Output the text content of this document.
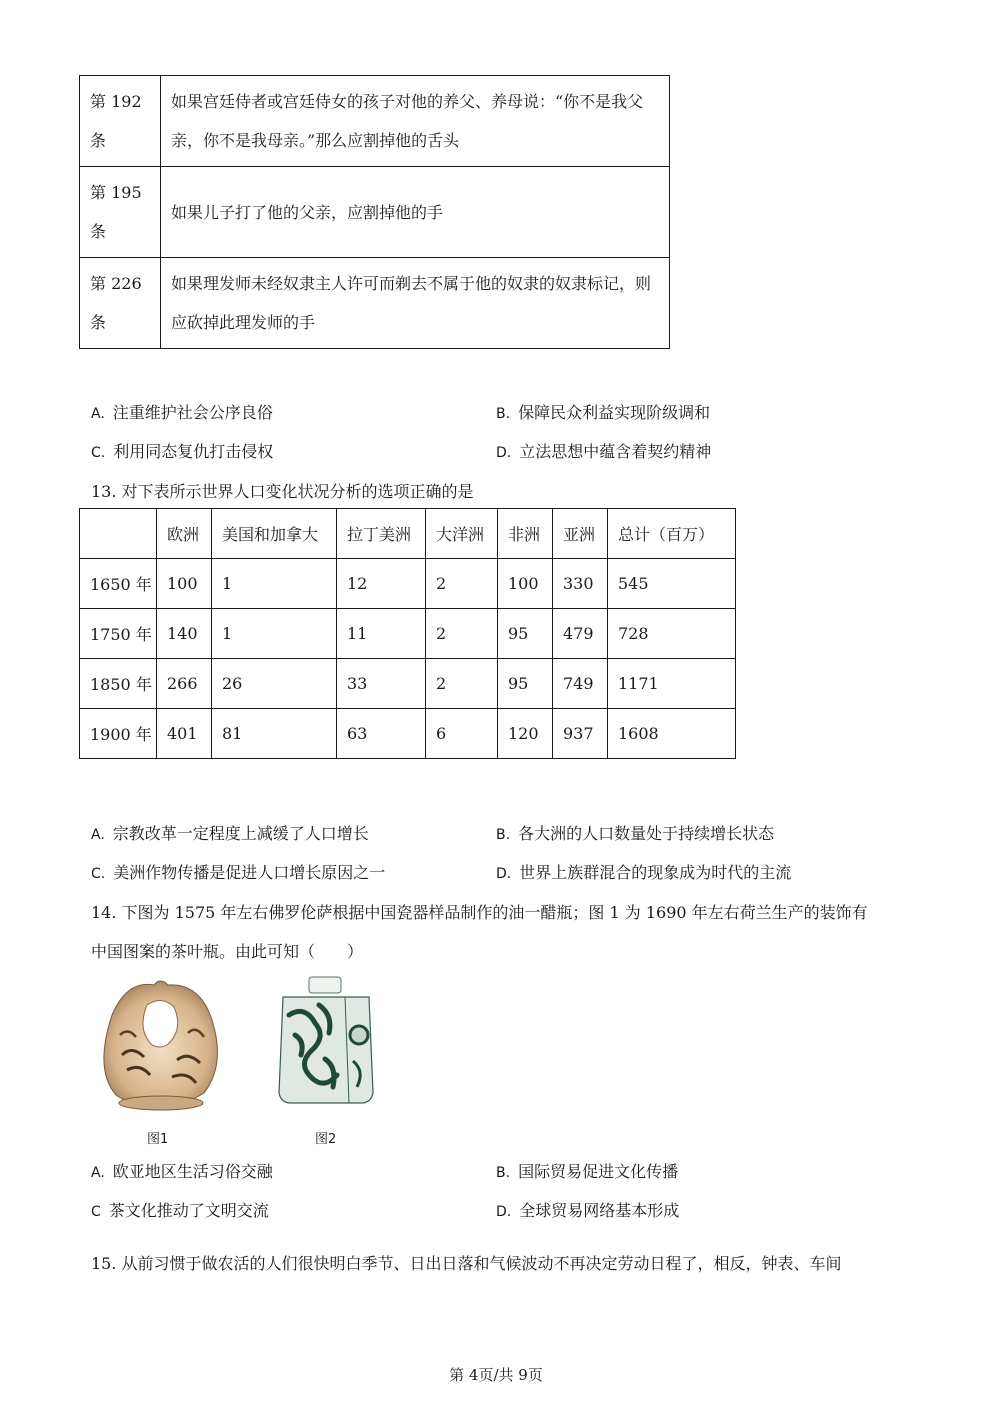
第 192 条	如果宫廷侍者或宫廷侍女的孩子对他的养父、养母说：“你不是我父亲，你不是我母亲。”那么应割掉他的舌头
第 195 条	如果儿子打了他的父亲，应割掉他的手
第 226 条	如果理发师未经奴隶主人许可而剃去不属于他的奴隶的奴隶标记，则应砍掉此理发师的手
A. 注重维护社会公序良俗	B. 保障民众利益实现阶级调和
C. 利用同态复仇打击侵权	D. 立法思想中蕴含着契约精神
13. 对下表所示世界人口变化状况分析的选项正确的是
	欧洲	美国和加拿大	拉丁美洲	大洋洲	非洲	亚洲	总计（百万）
1650 年	100	1	12	2	100	330	545
1750 年	140	1	11	2	95	479	728
1850 年	266	26	33	2	95	749	1171
1900 年	401	81	63	6	120	937	1608
A. 宗教改革一定程度上减缓了人口增长	B. 各大洲的人口数量处于持续增长状态
C. 美洲作物传播是促进人口增长原因之一	D. 世界上族群混合的现象成为时代的主流
14. 下图为 1575 年左右佛罗伦萨根据中国瓷器样品制作的油一醋瓶；图 1 为 1690 年左右荷兰生产的装饰有
中国图案的茶叶瓶。由此可知（　　）
图1	图2
A. 欧亚地区生活习俗交融	B. 国际贸易促进文化传播
C 茶文化推动了文明交流	D. 全球贸易网络基本形成
15. 从前习惯于做农活的人们很快明白季节、日出日落和气候波动不再决定劳动日程了，相反，钟表、车间
第 4页/共 9页
